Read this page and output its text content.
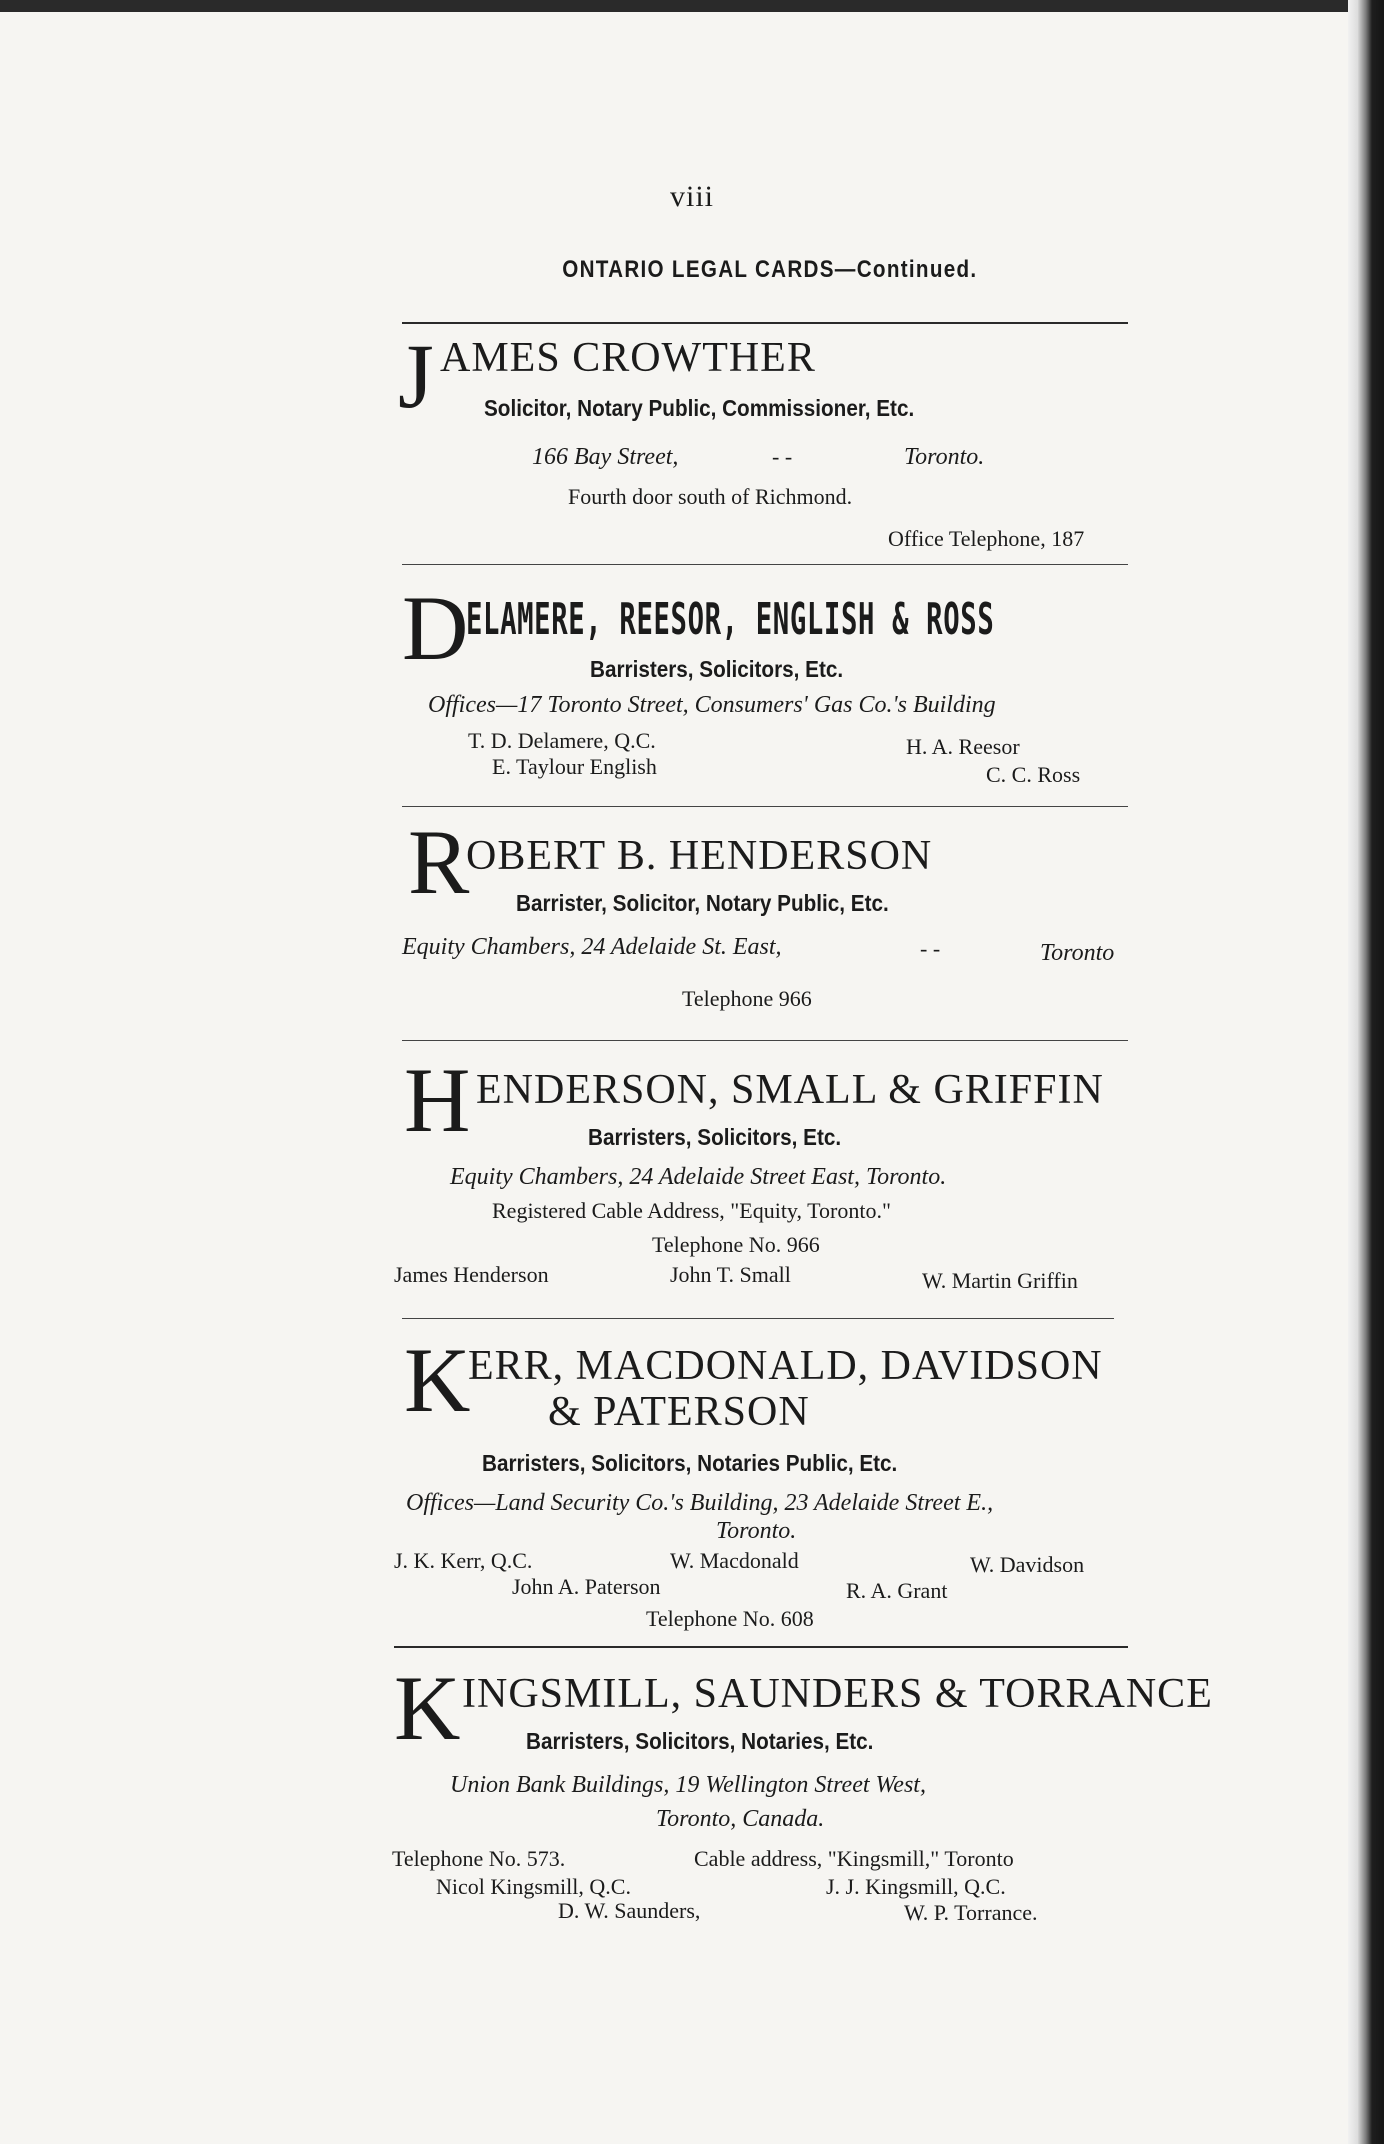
viii
ONTARIO LEGAL CARDS—Continued.
J AMES CROWTHER
Solicitor, Notary Public, Commissioner, Etc.
166 Bay Street,	- -	Toronto.
Fourth door south of Richmond.
Office Telephone, 187
D
ELAMERE, REESOR, ENGLISH & ROSS
Barristers, Solicitors, Etc.
Offices—17 Toronto Street, Consumers' Gas Co.'s Building
T. D. Delamere, Q.C.	H. A. Reesor
E. Taylour English	C. C. Ross
R
OBERT B. HENDERSON
Barrister, Solicitor, Notary Public, Etc.
Equity Chambers, 24 Adelaide St. East,	- -	Toronto
Telephone 966
H ENDERSON, SMALL & GRIFFIN
Barristers, Solicitors, Etc.
Equity Chambers, 24 Adelaide Street East, Toronto.
Registered Cable Address, "Equity, Toronto."
Telephone No. 966
James Henderson	John T. Small	W. Martin Griffin
K
ERR, MACDONALD, DAVIDSON
& PATERSON
Barristers, Solicitors, Notaries Public, Etc.
Offices—Land Security Co.'s Building, 23 Adelaide Street E.,
Toronto.
J. K. Kerr, Q.C.	W. Macdonald	W. Davidson
John A. Paterson	R. A. Grant
Telephone No. 608
K INGSMILL, SAUNDERS & TORRANCE
Barristers, Solicitors, Notaries, Etc.
Union Bank Buildings, 19 Wellington Street West,
Toronto, Canada.
Telephone No. 573.	Cable address, "Kingsmill," Toronto
Nicol Kingsmill, Q.C.	J. J. Kingsmill, Q.C.
D. W. Saunders,	W. P. Torrance.
